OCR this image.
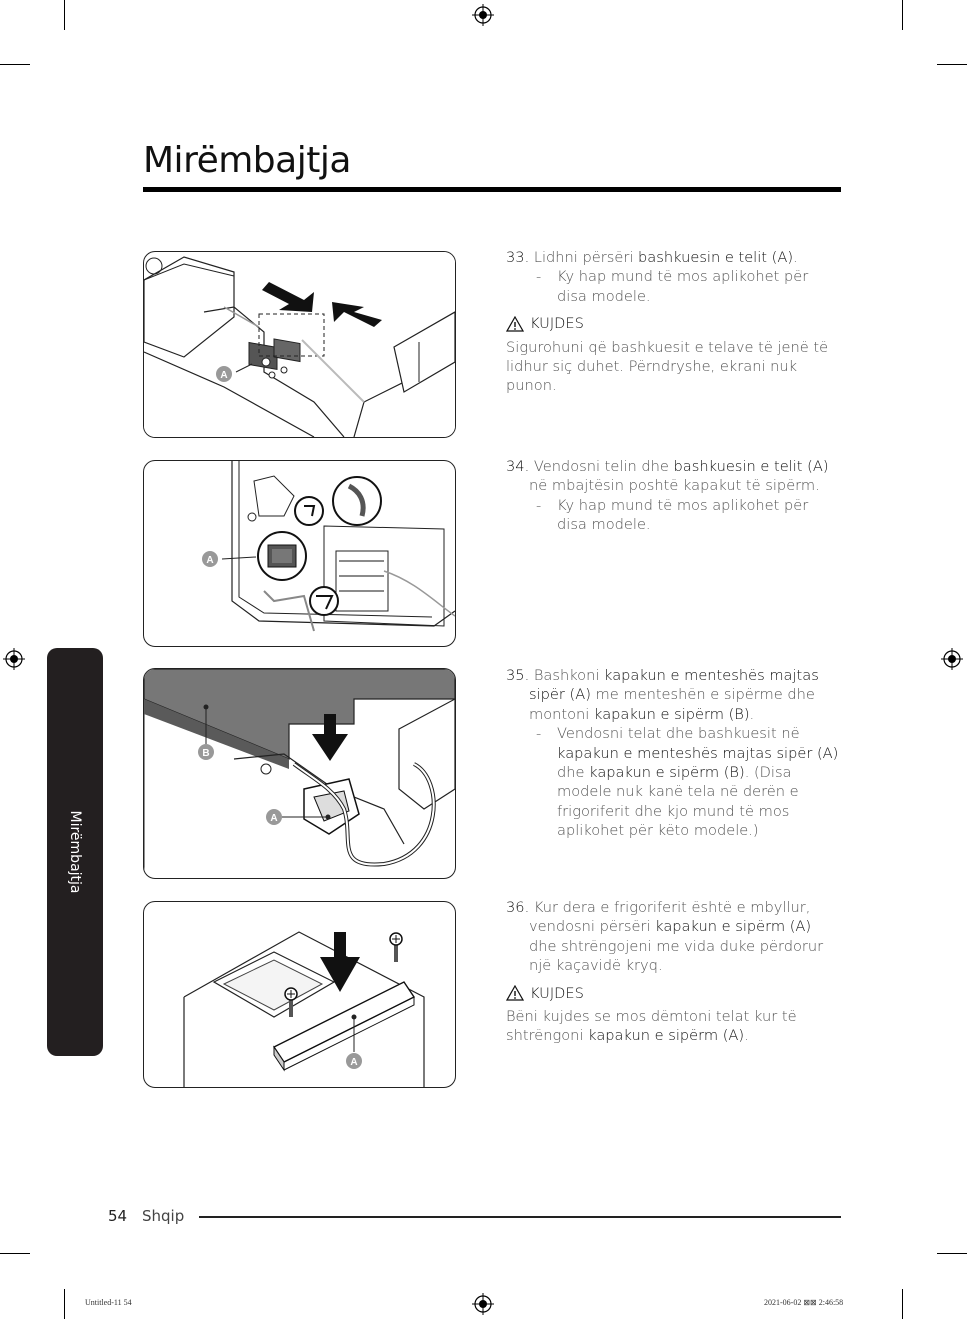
Mirëmbajtja
Mirëmbajtja
A
A
B
A
A

33. Lidhni përsëri bashkuesin e telit (A).

- Ky hap mund të mos aplikohet për disa modele.

KUJDES

Sigurohuni që bashkuesit e telave të jenë të lidhur siç duhet. Përndryshe, ekrani nuk punon.

34. Vendosni telin dhe bashkuesin e telit (A) në mbajtësin poshtë kapakut të sipërm.

- Ky hap mund të mos aplikohet për disa modele.

35. Bashkoni kapakun e menteshës majtas sipër (A) me menteshën e sipërme dhe montoni kapakun e sipërm (B).

- Vendosni telat dhe bashkuesit në kapakun e menteshës majtas sipër (A) dhe kapakun e sipërm (B). (Disa modele nuk kanë tela në derën e frigoriferit dhe kjo mund të mos aplikohet për këto modele.)

36. Kur dera e frigoriferit është e mbyllur, vendosni përsëri kapakun e sipërm (A) dhe shtrëngojeni me vida duke përdorur një kaçavidë kryq.

KUJDES

Bëni kujdes se mos dëmtoni telat kur të shtrëngoni kapakun e sipërm (A).

54 Shqip
Untitled-11 54	2021-06-02 ⊠⊠ 2:46:58
